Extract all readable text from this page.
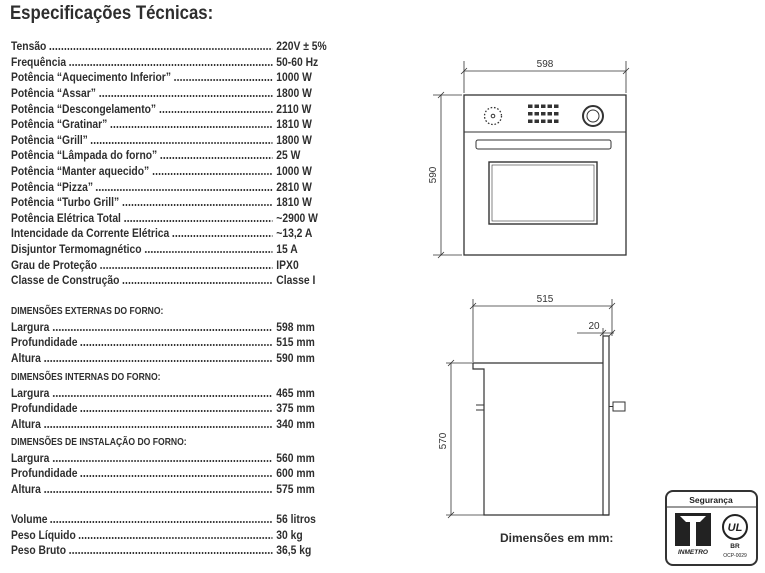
Especificações Técnicas:
Tensão	220V ± 5%
Frequência	50-60 Hz
Potência “Aquecimento Inferior”	1000 W
Potência “Assar”	1800 W
Potência “Descongelamento”	2110 W
Potência “Gratinar”	1810 W
Potência “Grill”	1800 W
Potência “Lâmpada do forno”	25 W
Potência “Manter aquecido”	1000 W
Potência “Pizza”	2810 W
Potência “Turbo Grill”	1810 W
Potência Elétrica Total	~2900 W
Intencidade da Corrente Elétrica	~13,2 A
Disjuntor Termomagnético	15 A
Grau de Proteção	IPX0
Classe de Construção	Classe I
DIMENSÕES EXTERNAS DO FORNO:
Largura	598 mm
Profundidade	515 mm
Altura	590 mm
DIMENSÕES INTERNAS DO FORNO:
Largura	465 mm
Profundidade	375 mm
Altura	340 mm
DIMENSÕES DE INSTALAÇÃO DO FORNO:
Largura	560 mm
Profundidade	600 mm
Altura	575 mm
Volume	56 litros
Peso Líquido	30 kg
Peso Bruto	36,5 kg
598
590
515
20
570
Segurança
INMETRO
UL
BR
OCP-0029
Dimensões em mm:
